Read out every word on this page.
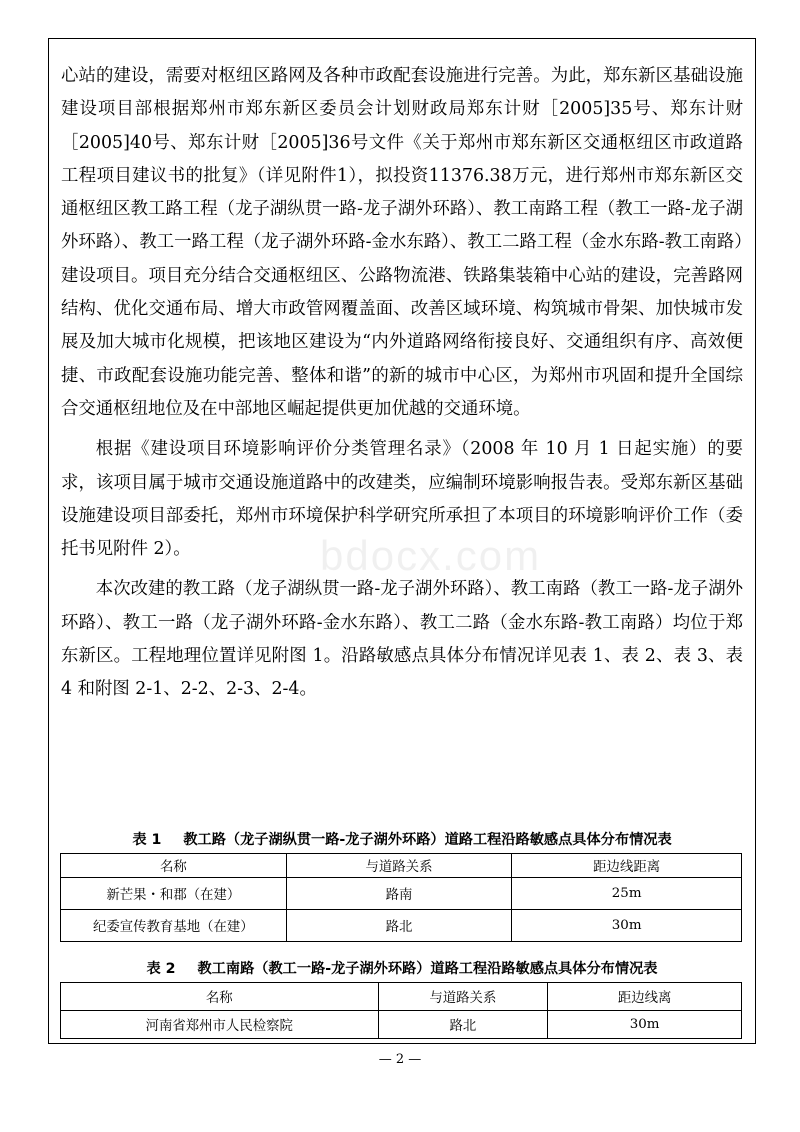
心站的建设，需要对枢纽区路网及各种市政配套设施进行完善。为此，郑东新区基础设施建设项目部根据郑州市郑东新区委员会计划财政局郑东计财［2005]35号、郑东计财［2005]40号、郑东计财［2005]36号文件《关于郑州市郑东新区交通枢纽区市政道路工程项目建议书的批复》（详见附件1），拟投资11376.38万元，进行郑州市郑东新区交通枢纽区教工路工程（龙子湖纵贯一路-龙子湖外环路）、教工南路工程（教工一路-龙子湖外环路）、教工一路工程（龙子湖外环路-金水东路）、教工二路工程（金水东路-教工南路）建设项目。项目充分结合交通枢纽区、公路物流港、铁路集装箱中心站的建设，完善路网结构、优化交通布局、增大市政管网覆盖面、改善区域环境、构筑城市骨架、加快城市发展及加大城市化规模，把该地区建设为“内外道路网络衔接良好、交通组织有序、高效便捷、市政配套设施功能完善、整体和谐”的新的城市中心区，为郑州市巩固和提升全国综合交通枢纽地位及在中部地区崛起提供更加优越的交通环境。

根据《建设项目环境影响评价分类管理名录》（2008 年 10 月 1 日起实施）的要求，该项目属于城市交通设施道路中的改建类，应编制环境影响报告表。受郑东新区基础设施建设项目部委托，郑州市环境保护科学研究所承担了本项目的环境影响评价工作（委托书见附件 2）。

本次改建的教工路（龙子湖纵贯一路-龙子湖外环路）、教工南路（教工一路-龙子湖外环路）、教工一路（龙子湖外环路-金水东路）、教工二路（金水东路-教工南路）均位于郑东新区。工程地理位置详见附图 1。沿路敏感点具体分布情况详见表 1、表 2、表 3、表 4 和附图 2-1、2-2、2-3、2-4。

bdocx.com
表 1 教工路（龙子湖纵贯一路-龙子湖外环路）道路工程沿路敏感点具体分布情况表
名称	与道路关系	距边线距离
新芒果・和郡（在建）	路南	25m
纪委宣传教育基地（在建）	路北	30m
表 2 教工南路（教工一路-龙子湖外环路）道路工程沿路敏感点具体分布情况表
名称	与道路关系	距边线离
河南省郑州市人民检察院	路北	30m
— 2 —
